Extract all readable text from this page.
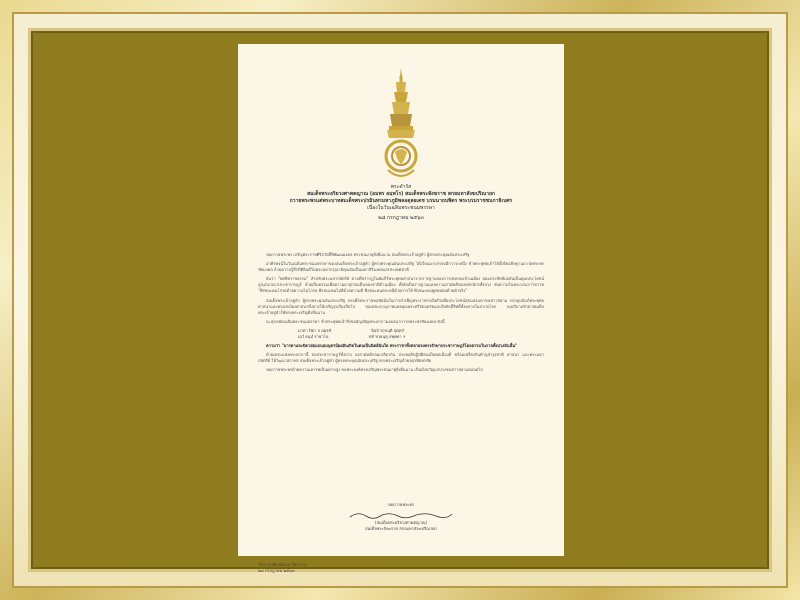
พระดำรัส
สมเด็จพระอริยวงศาคตญาณ (อมพร อมฺพโร) สมเด็จพระสังฆราช สกลมหาสังฆปริณายก
ถวายพระพรแด่พระบาทสมเด็จพระปรมินทรมหาภูมิพลอดุลยเดช บรมนาถบพิตร พระบรมราชชนกาธิเบศร
เนื่องในวันเฉลิมพระชนมพรรษา
๒๘ กรกฎาคม ๒๕๖๓

ขอถวายพระพร เจริญพระราชศิริสวัสดิ์พิพัฒนมงคล พระชนมายุยั่งยืนนาน สมเด็จพระเจ้าอยู่หัว ผู้ทรงพระคุณอันประเสริฐ

อาศิรพจน์ในวันเฉลิมพระชนมพรรษาของสมเด็จพระเจ้าอยู่หัว ผู้ทรงพระคุณอันประเสริฐ ได้เวียนมาบรรจบอีกวาระหนึ่ง ข้าพระพุทธเจ้าได้ตั้งจิตอธิษฐานถวายพระพรชัยมงคล ด้วยความรู้สึกปีติยินดีในพระมหากรุณาธิคุณอันเป็นมหาสิริมงคลแก่ประเทศชาติ

อันว่า "ทศพิธราชธรรม" สำหรับพระมหากษัตริย์ ตามที่ปรากฏในคัมภีร์พระพุทธศาสนาจากรากฐานของการปกครองบ้านเมือง ย่อมประสิทธิผลอันเป็นคุณประโยชน์สูงแก่อาณาประชาราษฎร์ ด้วยเป็นธรรมเพื่อความผาสุกร่มเย็นของชาติบ้านเมือง ทั้งยังเป็นรากฐานแห่งความสามัคคีของพสกนิกรทั้งปวง ดังความในพระบรมราโชวาท "พึงชนะคนโกรธด้วยความไม่โกรธ พึงชนะคนไม่ดีด้วยความดี พึงชนะคนตระหนี่ด้วยการให้ พึงชนะคนพูดพล่อยด้วยคำจริง"

สมเด็จพระเจ้าอยู่หัว ผู้ทรงพระคุณอันประเสริฐ ทรงตั้งพระราชหฤทัยมั่นในการบำเพ็ญพระราชกรณียกิจเพื่อประโยชน์สุขแห่งมหาชนชาวสยาม ทรงอุปถัมภ์พระพุทธศาสนาและทรงปกป้องศาสนาทั้งปวงให้เจริญรุ่งเรืองสืบไป ขอเดชะอานุภาพแห่งคุณพระศรีรัตนตรัยและสิ่งศักดิ์สิทธิ์ทั้งหลายในสากลโลก จงอภิบาลรักษาสมเด็จพระเจ้าอยู่หัวให้ทรงพระเจริญยิ่งยืนนาน

ณ ศุภสมัยเฉลิมพระชนมพรรษา ข้าพระพุทธเจ้าจึงขออัญเชิญพระคาถามงคลมาถวายพระพรชัยมงคล ดังนี้

มาตา ปิตา จ อตฺรชํ	นิจฺจํ รกฺขนฺติ ปุตฺตกํ
เอวํ ธมฺมํ ราชาโน	ปชํ รกฺขนฺตุ สพฺพทา ฯ

ความว่า "มารดาและบิดาย่อมถนอมบุตรน้อยอันเกิดในตนเป็นนิตย์ฉันใด พระราชาทั้งหลายจงทรงรักษาประชาราษฎร์โดยธรรมในกาลทั้งปวงฉันนั้น"

ด้วยเดชะแห่งพระคาถานี้ ขอประชาราษฎร์ทั้งปวง จงสามัคคีกลมเกลียวกัน ประพฤติปฏิบัติตนเป็นพลเมืองดี พร้อมเพรียงกันทำนุบำรุงชาติ ศาสนา และพระมหากษัตริย์ ให้วัฒนาสถาพร สมเด็จพระเจ้าอยู่หัว ผู้ทรงพระคุณอันประเสริฐ ทรงพระเจริญด้วยจตุรพิธพรชัย

ขอถวายพระพรด้วยความเคารพเป็นอย่างสูง ขอพระองค์ทรงเจริญพระชนมายุยิ่งยืนนาน เป็นมิ่งขวัญแก่ปวงชนชาวสยามตลอดไป

ขอถวายพระพร
(สมเด็จพระอริยวงศาคตญาณ)
สมเด็จพระสังฆราช สกลมหาสังฆปริณายก
วัดราชบพิธสถิตมหาสีมาราม
๒๘ กรกฎาคม ๒๕๖๓
